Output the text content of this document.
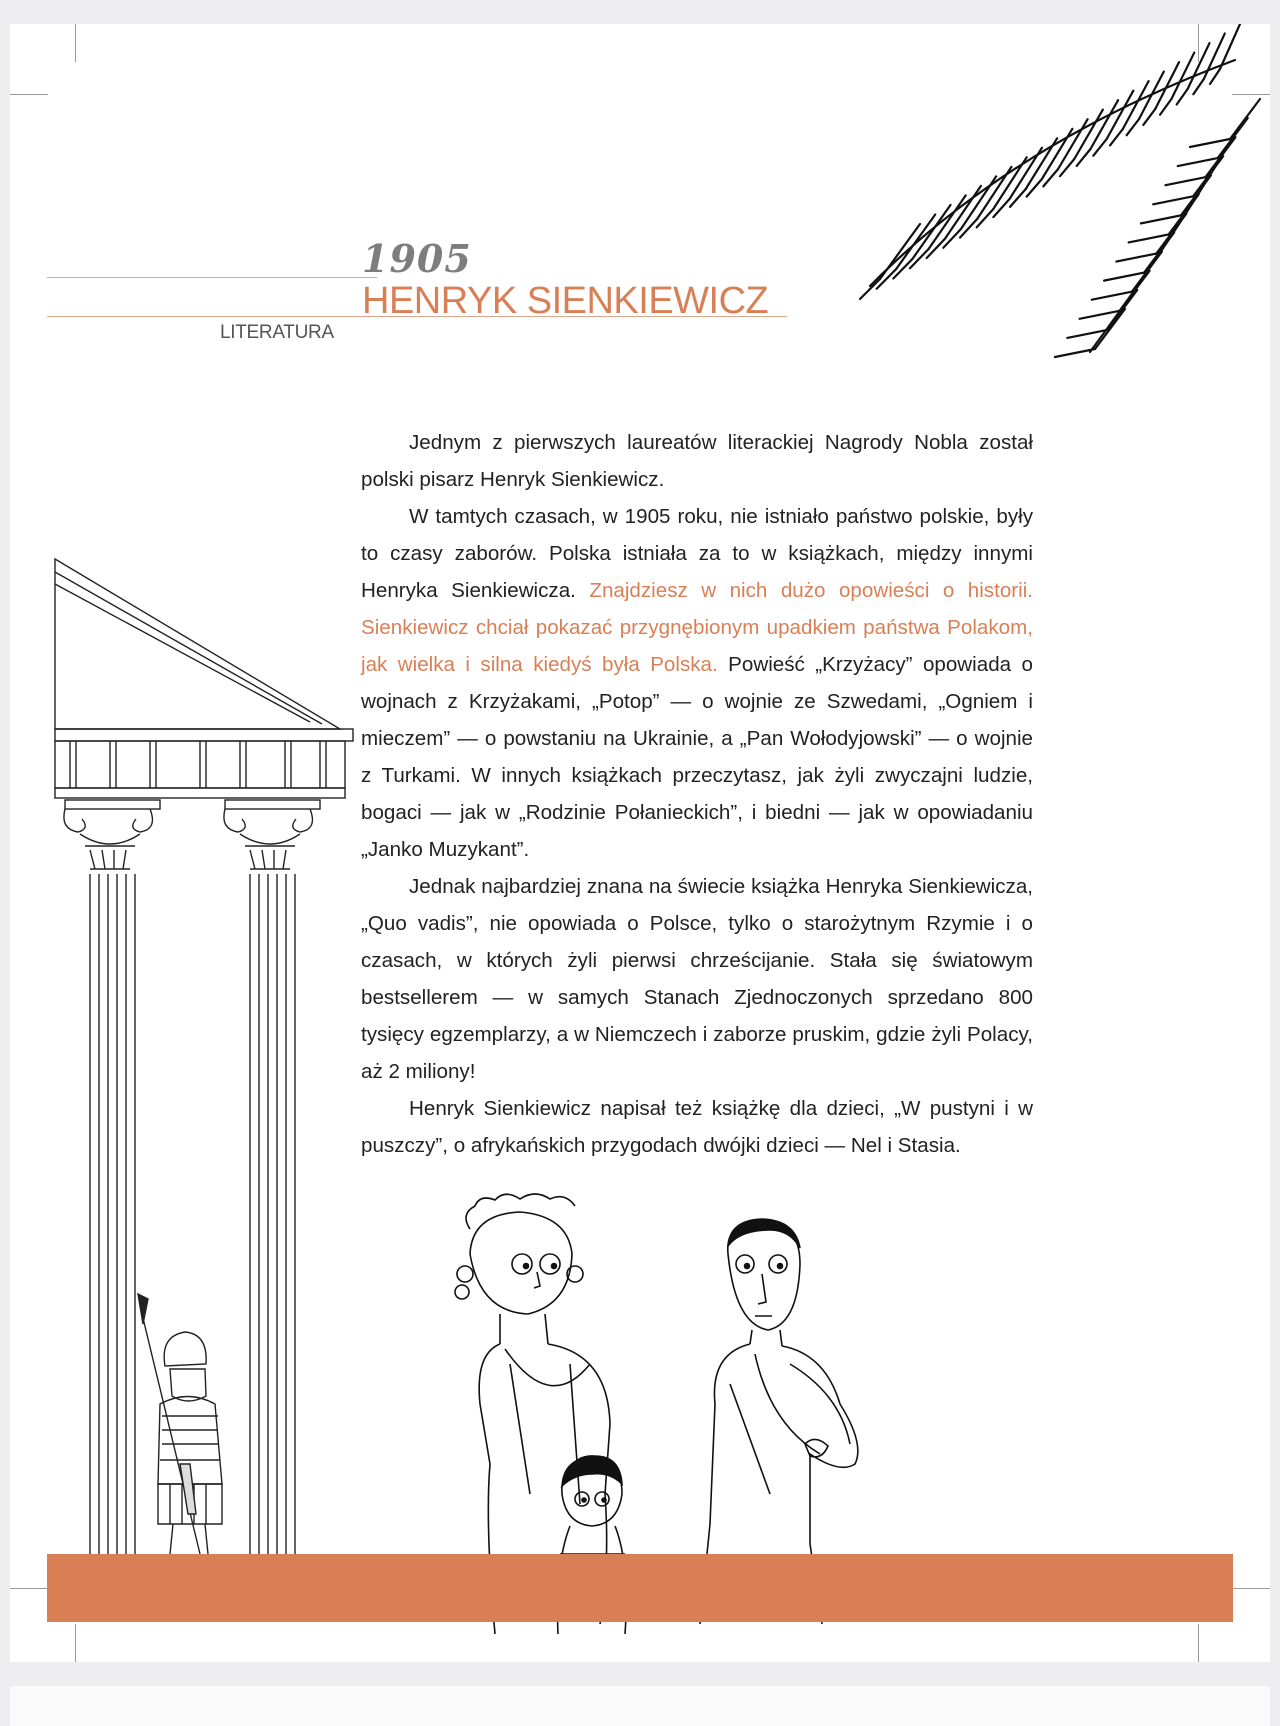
1905
HENRYK SIENKIEWICZ
LITERATURA

Jednym z pierwszych laureatów literackiej Nagrody Nobla został polski pisarz Henryk Sienkiewicz.

W tamtych czasach, w 1905 roku, nie istniało państwo polskie, były to czasy zaborów. Polska istniała za to w książkach, między innymi Henryka Sienkiewicza. Znajdziesz w nich dużo opowieści o historii. Sienkiewicz chciał pokazać przygnębionym upadkiem państwa Polakom, jak wielka i silna kiedyś była Polska. Powieść „Krzyżacy” opowiada o wojnach z Krzyżakami, „Potop” — o wojnie ze Szwedami, „Ogniem i mieczem” — o powstaniu na Ukrainie, a „Pan Wołodyjowski” — o wojnie z Turkami. W innych książkach przeczytasz, jak żyli zwyczajni ludzie, bogaci — jak w „Rodzinie Połanieckich”, i biedni — jak w opowiadaniu „Janko Muzykant”.

Jednak najbardziej znana na świecie książka Henryka Sienkiewicza, „Quo vadis”, nie opowiada o Polsce, tylko o starożytnym Rzymie i o czasach, w których żyli pierwsi chrześcijanie. Stała się światowym bestsellerem — w samych Stanach Zjednoczonych sprzedano 800 tysięcy egzemplarzy, a w Niemczech i zaborze pruskim, gdzie żyli Polacy, aż 2 miliony!

Henryk Sienkiewicz napisał też książkę dla dzieci, „W pustyni i w puszczy”, o afrykańskich przygodach dwójki dzieci — Nel i Stasia.
